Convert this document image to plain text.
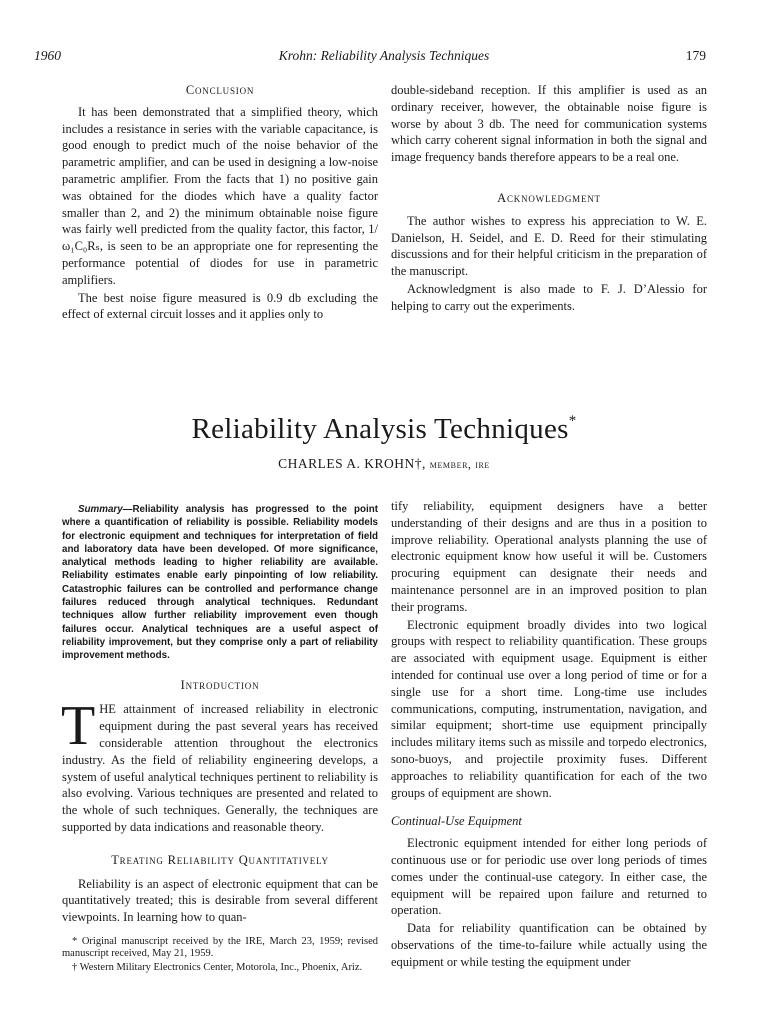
1960	Krohn: Reliability Analysis Techniques	179
Conclusion

It has been demonstrated that a simplified theory, which includes a resistance in series with the variable capacitance, is good enough to predict much of the noise behavior of the parametric amplifier, and can be used in designing a low-noise parametric amplifier. From the facts that 1) no positive gain was obtained for the diodes which have a quality factor smaller than 2, and 2) the minimum obtainable noise figure was fairly well predicted from the quality factor, this factor, 1/ω₁C₀Rₛ, is seen to be an appropriate one for representing the performance potential of diodes for use in parametric amplifiers.

The best noise figure measured is 0.9 db excluding the effect of external circuit losses and it applies only to

double-sideband reception. If this amplifier is used as an ordinary receiver, however, the obtainable noise figure is worse by about 3 db. The need for communication systems which carry coherent signal information in both the signal and image frequency bands therefore appears to be a real one.

Acknowledgment

The author wishes to express his appreciation to W. E. Danielson, H. Seidel, and E. D. Reed for their stimulating discussions and for their helpful criticism in the preparation of the manuscript.

Acknowledgment is also made to F. J. D’Alessio for helping to carry out the experiments.

Reliability Analysis Techniques*
CHARLES A. KROHN†, member, ire

Summary—Reliability analysis has progressed to the point where a quantification of reliability is possible. Reliability models for electronic equipment and techniques for interpretation of field and laboratory data have been developed. Of more significance, analytical methods leading to higher reliability are available. Reliability estimates enable early pinpointing of low reliability. Catastrophic failures can be controlled and performance change failures reduced through analytical techniques. Redundant techniques allow further reliability improvement even though failures occur. Analytical techniques are a useful aspect of reliability improvement, but they comprise only a part of reliability improvement methods.

Introduction
THE attainment of increased reliability in electronic equipment during the past several years has received considerable attention throughout the electronics industry. As the field of reliability engineering develops, a system of useful analytical techniques pertinent to reliability is also evolving. Various techniques are presented and related to the whole of such techniques. Generally, the techniques are supported by data indications and reasonable theory.
Treating Reliability Quantitatively

Reliability is an aspect of electronic equipment that can be quantitatively treated; this is desirable from several different viewpoints. In learning how to quan-

* Original manuscript received by the IRE, March 23, 1959; revised manuscript received, May 21, 1959.

† Western Military Electronics Center, Motorola, Inc., Phoenix, Ariz.

tify reliability, equipment designers have a better understanding of their designs and are thus in a position to improve reliability. Operational analysts planning the use of electronic equipment know how useful it will be. Customers procuring equipment can designate their needs and maintenance personnel are in an improved position to plan their programs.

Electronic equipment broadly divides into two logical groups with respect to reliability quantification. These groups are associated with equipment usage. Equipment is either intended for continual use over a long period of time or for a single use for a short time. Long-time use includes communications, computing, instrumentation, navigation, and similar equipment; short-time use equipment principally includes military items such as missile and torpedo electronics, sono-buoys, and projectile proximity fuses. Different approaches to reliability quantification for each of the two groups of equipment are shown.

Continual-Use Equipment

Electronic equipment intended for either long periods of continuous use or for periodic use over long periods of times comes under the continual-use category. In either case, the equipment will be repaired upon failure and returned to operation.

Data for reliability quantification can be obtained by observations of the time-to-failure while actually using the equipment or while testing the equipment under
